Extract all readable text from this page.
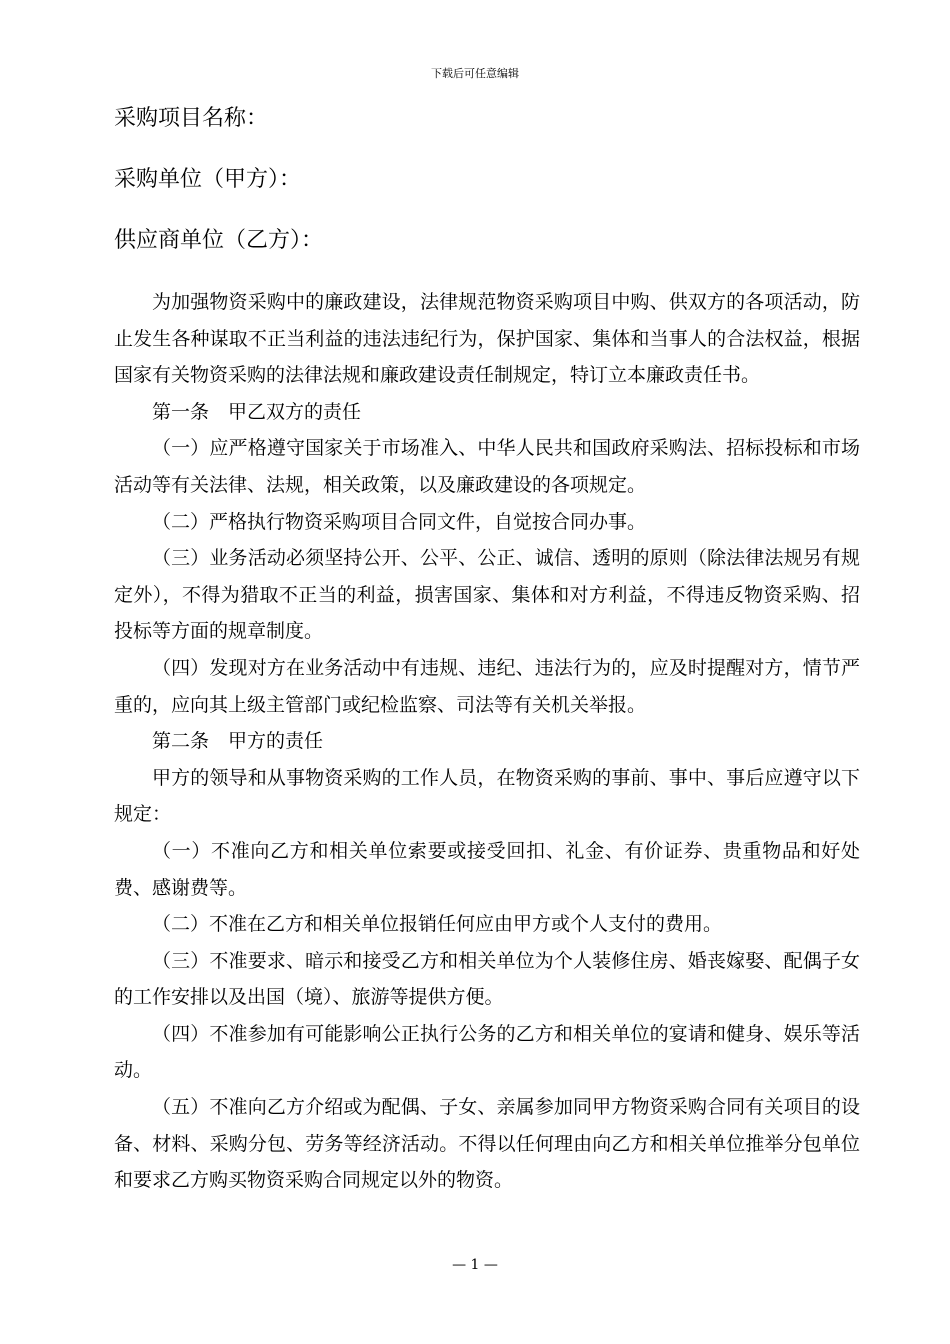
下载后可任意编辑

采购项目名称：

采购单位（甲方）：

供应商单位（乙方）：

为加强物资采购中的廉政建设，法律规范物资采购项目中购、供双方的各项活动，防止发生各种谋取不正当利益的违法违纪行为，保护国家、集体和当事人的合法权益，根据国家有关物资采购的法律法规和廉政建设责任制规定，特订立本廉政责任书。

第一条　甲乙双方的责任

（一）应严格遵守国家关于市场准入、中华人民共和国政府采购法、招标投标和市场活动等有关法律、法规，相关政策，以及廉政建设的各项规定。

（二）严格执行物资采购项目合同文件，自觉按合同办事。

（三）业务活动必须坚持公开、公平、公正、诚信、透明的原则（除法律法规另有规定外），不得为猎取不正当的利益，损害国家、集体和对方利益，不得违反物资采购、招投标等方面的规章制度。

（四）发现对方在业务活动中有违规、违纪、违法行为的，应及时提醒对方，情节严重的，应向其上级主管部门或纪检监察、司法等有关机关举报。

第二条　甲方的责任

甲方的领导和从事物资采购的工作人员，在物资采购的事前、事中、事后应遵守以下规定：

（一）不准向乙方和相关单位索要或接受回扣、礼金、有价证券、贵重物品和好处费、感谢费等。

（二）不准在乙方和相关单位报销任何应由甲方或个人支付的费用。

（三）不准要求、暗示和接受乙方和相关单位为个人装修住房、婚丧嫁娶、配偶子女的工作安排以及出国（境）、旅游等提供方便。

（四）不准参加有可能影响公正执行公务的乙方和相关单位的宴请和健身、娱乐等活动。

（五）不准向乙方介绍或为配偶、子女、亲属参加同甲方物资采购合同有关项目的设备、材料、采购分包、劳务等经济活动。不得以任何理由向乙方和相关单位推举分包单位和要求乙方购买物资采购合同规定以外的物资。

— 1 —
